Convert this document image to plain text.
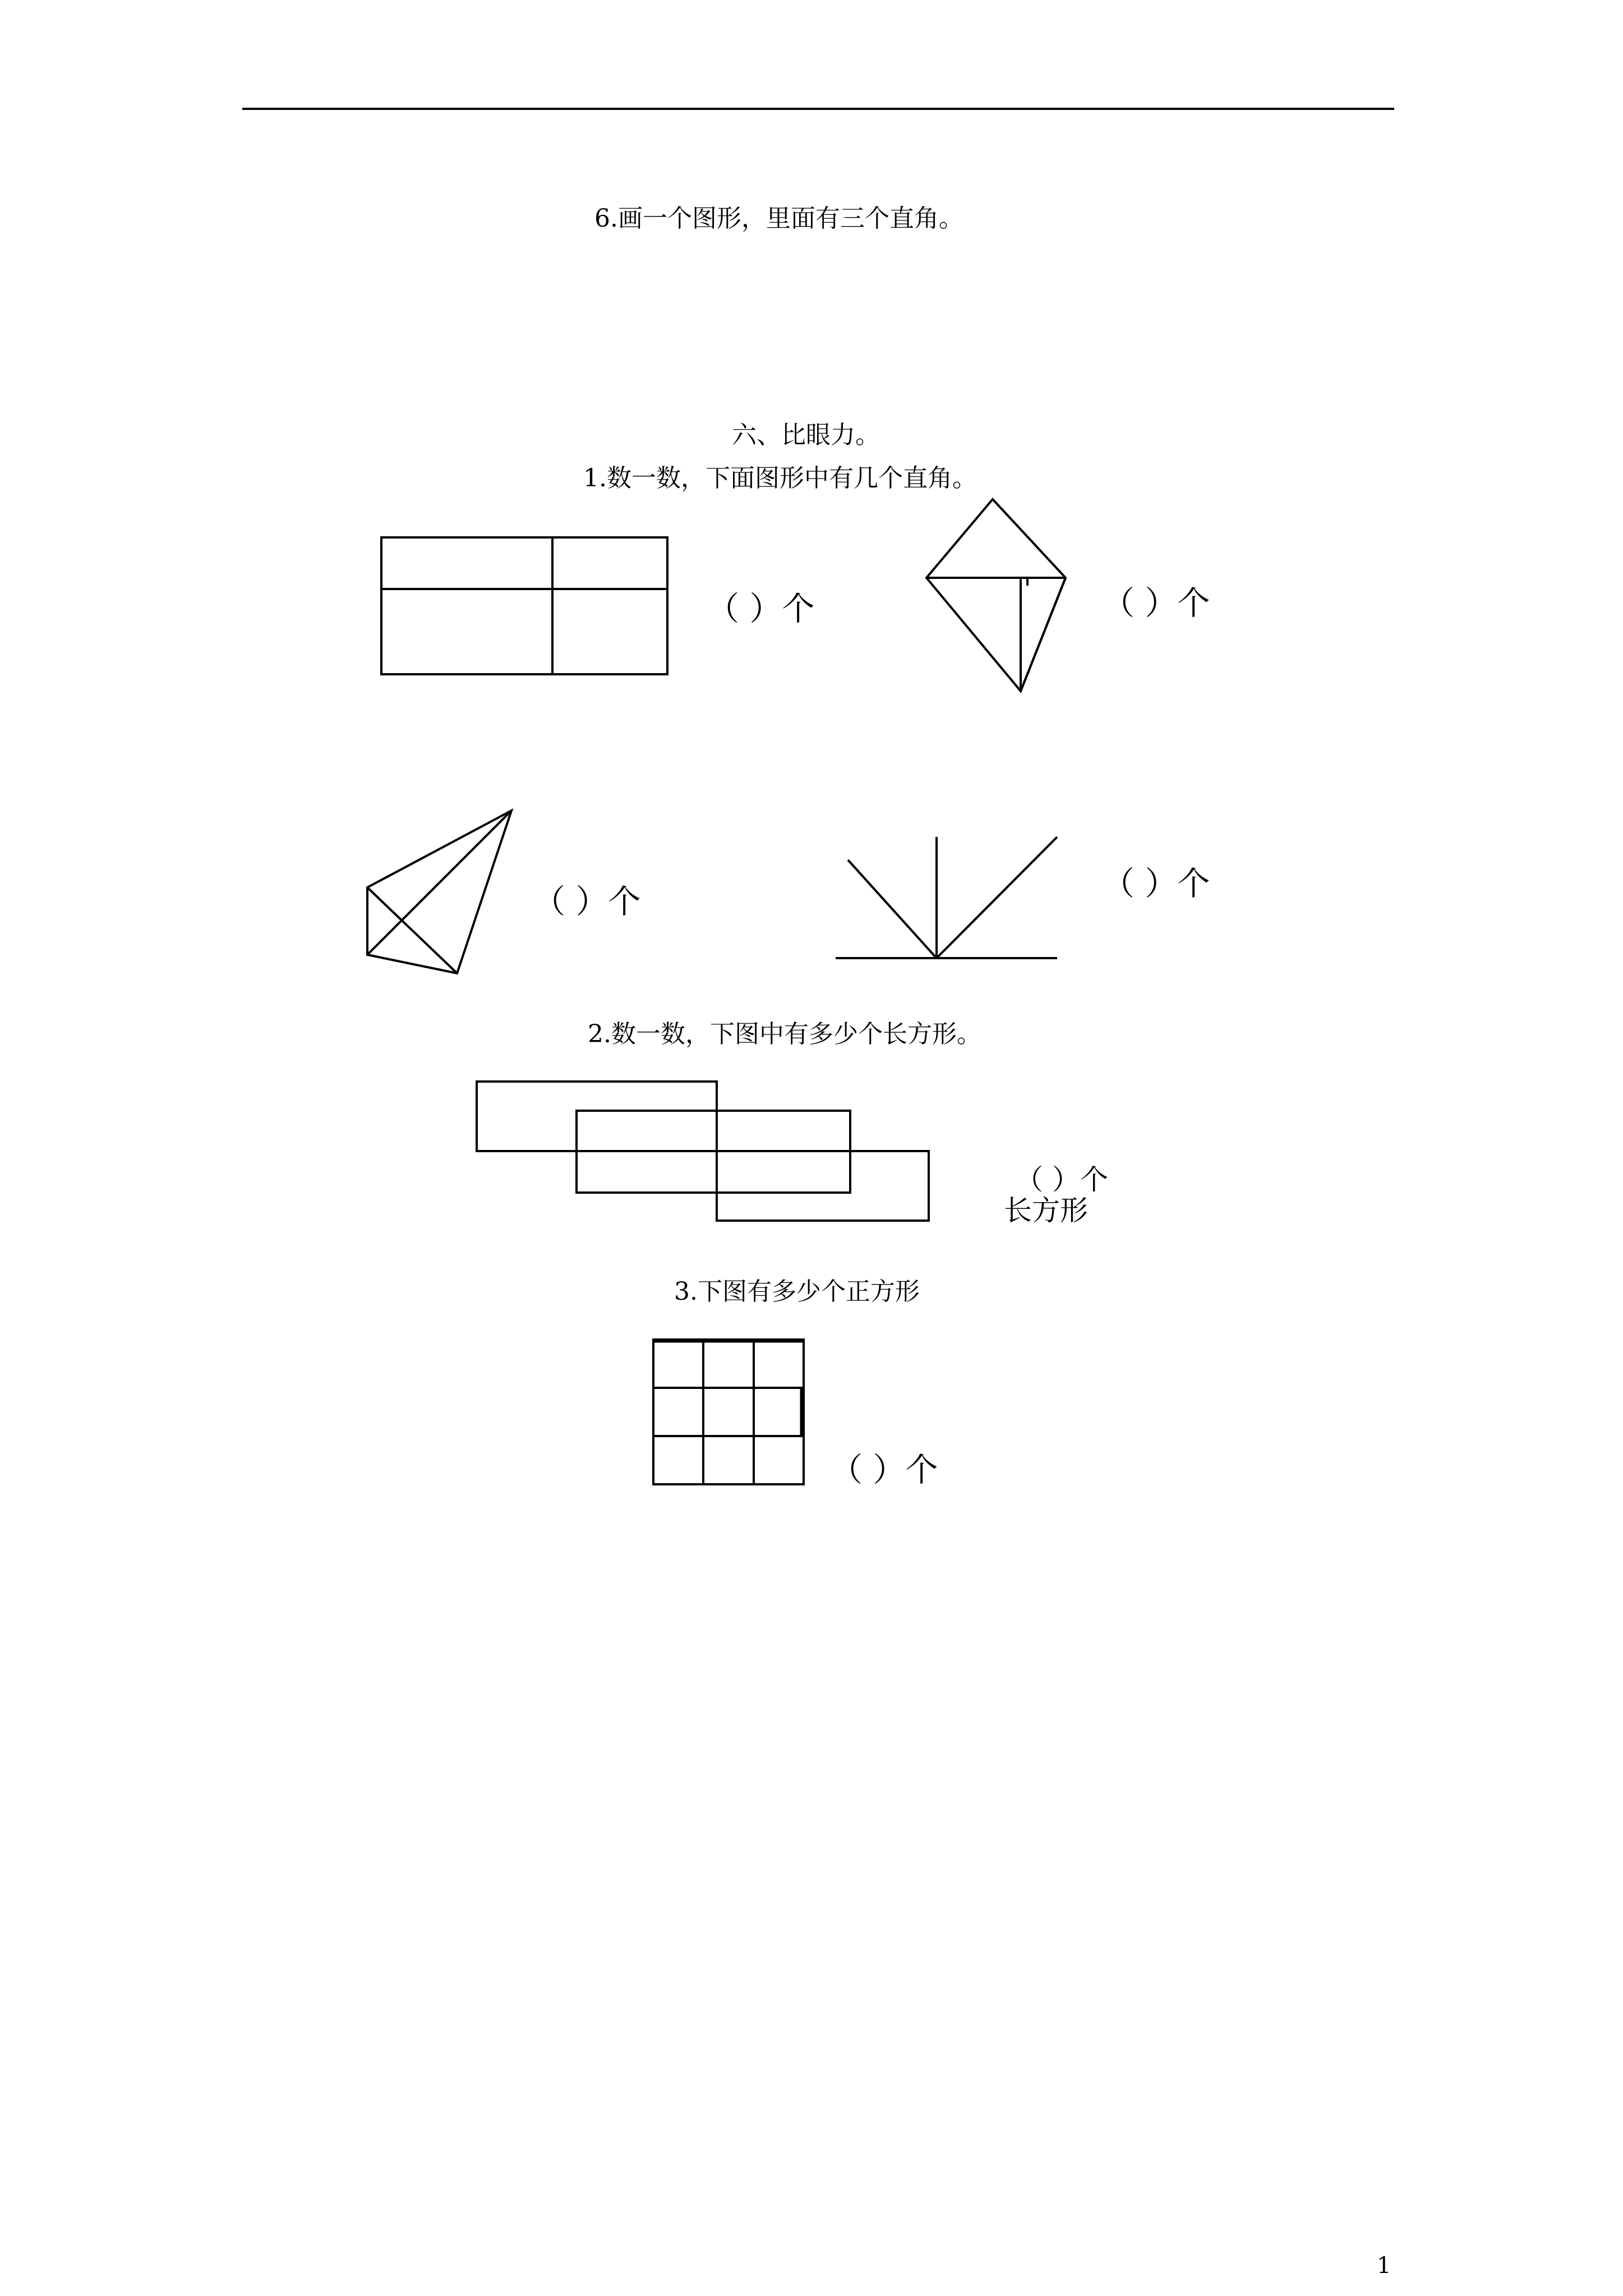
6.画一个图形，里面有三个直角。
六、比眼力。
1.数一数，下面图形中有几个直角。
（ ）个	（ ）个
（ ）个	（ ）个
2.数一数，下图中有多少个长方形。
（ ）个
长方形
3.下图有多少个正方形
（ ）个
1
